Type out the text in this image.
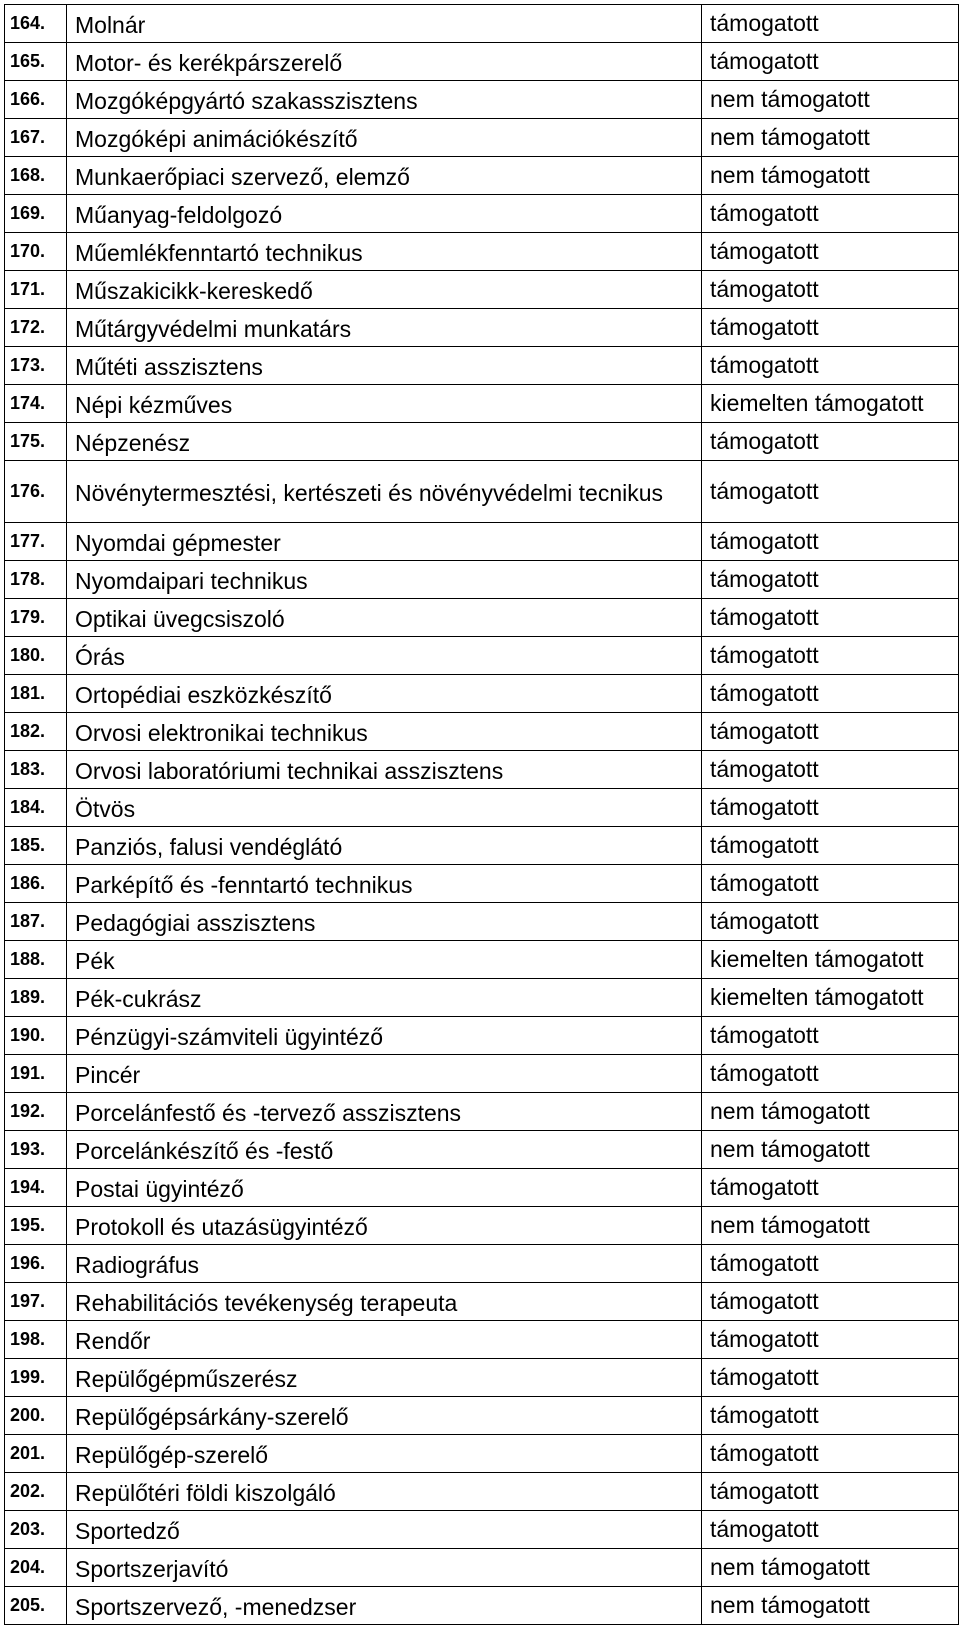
164.	Molnár	támogatott
165.	Motor- és kerékpárszerelő	támogatott
166.	Mozgóképgyártó szakasszisztens	nem támogatott
167.	Mozgóképi animációkészítő	nem támogatott
168.	Munkaerőpiaci szervező, elemző	nem támogatott
169.	Műanyag-feldolgozó	támogatott
170.	Műemlékfenntartó technikus	támogatott
171.	Műszakicikk-kereskedő	támogatott
172.	Műtárgyvédelmi munkatárs	támogatott
173.	Műtéti asszisztens	támogatott
174.	Népi kézműves	kiemelten támogatott
175.	Népzenész	támogatott
176.	Növénytermesztési, kertészeti és növényvédelmi tecnikus	támogatott
177.	Nyomdai gépmester	támogatott
178.	Nyomdaipari technikus	támogatott
179.	Optikai üvegcsiszoló	támogatott
180.	Órás	támogatott
181.	Ortopédiai eszközkészítő	támogatott
182.	Orvosi elektronikai technikus	támogatott
183.	Orvosi laboratóriumi technikai asszisztens	támogatott
184.	Ötvös	támogatott
185.	Panziós, falusi vendéglátó	támogatott
186.	Parképítő és -fenntartó technikus	támogatott
187.	Pedagógiai asszisztens	támogatott
188.	Pék	kiemelten támogatott
189.	Pék-cukrász	kiemelten támogatott
190.	Pénzügyi-számviteli ügyintéző	támogatott
191.	Pincér	támogatott
192.	Porcelánfestő és -tervező asszisztens	nem támogatott
193.	Porcelánkészítő és -festő	nem támogatott
194.	Postai ügyintéző	támogatott
195.	Protokoll és utazásügyintéző	nem támogatott
196.	Radiográfus	támogatott
197.	Rehabilitációs tevékenység terapeuta	támogatott
198.	Rendőr	támogatott
199.	Repülőgépműszerész	támogatott
200.	Repülőgépsárkány-szerelő	támogatott
201.	Repülőgép-szerelő	támogatott
202.	Repülőtéri földi kiszolgáló	támogatott
203.	Sportedző	támogatott
204.	Sportszerjavító	nem támogatott
205.	Sportszervező, -menedzser	nem támogatott
